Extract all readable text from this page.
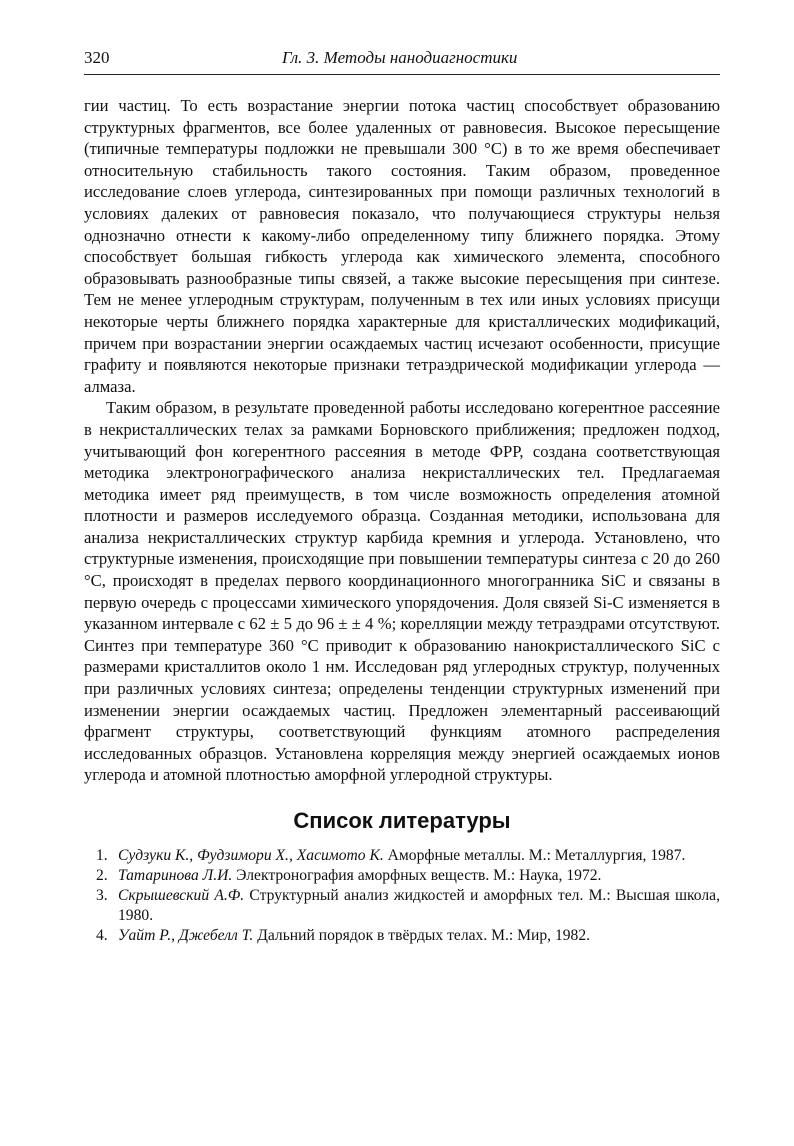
320	Гл. 3. Методы нанодиагностики

гии частиц. То есть возрастание энергии потока частиц способствует образованию структурных фрагментов, все более удаленных от равновесия. Высокое пересыщение (типичные температуры подложки не превышали 300 °C) в то же время обеспечивает относительную стабильность такого состояния. Таким образом, проведенное исследование слоев углерода, синтезированных при помощи различных технологий в условиях далеких от равновесия показало, что получающиеся структуры нельзя однозначно отнести к какому-либо определенному типу ближнего порядка. Этому способствует большая гибкость углерода как химического элемента, способного образовывать разнообразные типы связей, а также высокие пересыщения при синтезе. Тем не менее углеродным структурам, полученным в тех или иных условиях присущи некоторые черты ближнего порядка характерные для кристаллических модификаций, причем при возрастании энергии осаждаемых частиц исчезают особенности, присущие графиту и появляются некоторые признаки тетраэдрической модификации углерода — алмаза.

Таким образом, в результате проведенной работы исследовано когерентное рассеяние в некристаллических телах за рамками Борновского приближения; предложен подход, учитывающий фон когерентного рассеяния в методе ФРР, создана соответствующая методика электронографического анализа некристаллических тел. Предлагаемая методика имеет ряд преимуществ, в том числе возможность определения атомной плотности и размеров исследуемого образца. Созданная методики, использована для анализа некристаллических структур карбида кремния и углерода. Установлено, что структурные изменения, происходящие при повышении температуры синтеза с 20 до 260 °C, происходят в пределах первого координационного многогранника SiC и связаны в первую очередь с процессами химического упорядочения. Доля связей Si-C изменяется в указанном интервале с 62 ± 5 до 96 ± ± 4 %; корелляции между тетраэдрами отсутствуют. Синтез при температуре 360 °C приводит к образованию нанокристаллического SiC с размерами кристаллитов около 1 нм. Исследован ряд углеродных структур, полученных при различных условиях синтеза; определены тенденции структурных изменений при изменении энергии осаждаемых частиц. Предложен элементарный рассеивающий фрагмент структуры, соответствующий функциям атомного распределения исследованных образцов. Установлена корреляция между энергией осаждаемых ионов углерода и атомной плотностью аморфной углеродной структуры.

Список литературы
1. Судзуки К., Фудзимори Х., Хасимото К. Аморфные металлы. М.: Металлургия, 1987.
2. Татаринова Л.И. Электронография аморфных веществ. М.: Наука, 1972.
3. Скрышевский А.Ф. Структурный анализ жидкостей и аморфных тел. М.: Высшая школа, 1980.
4. Уайт Р., Джебелл Т. Дальний порядок в твёрдых телах. М.: Мир, 1982.
